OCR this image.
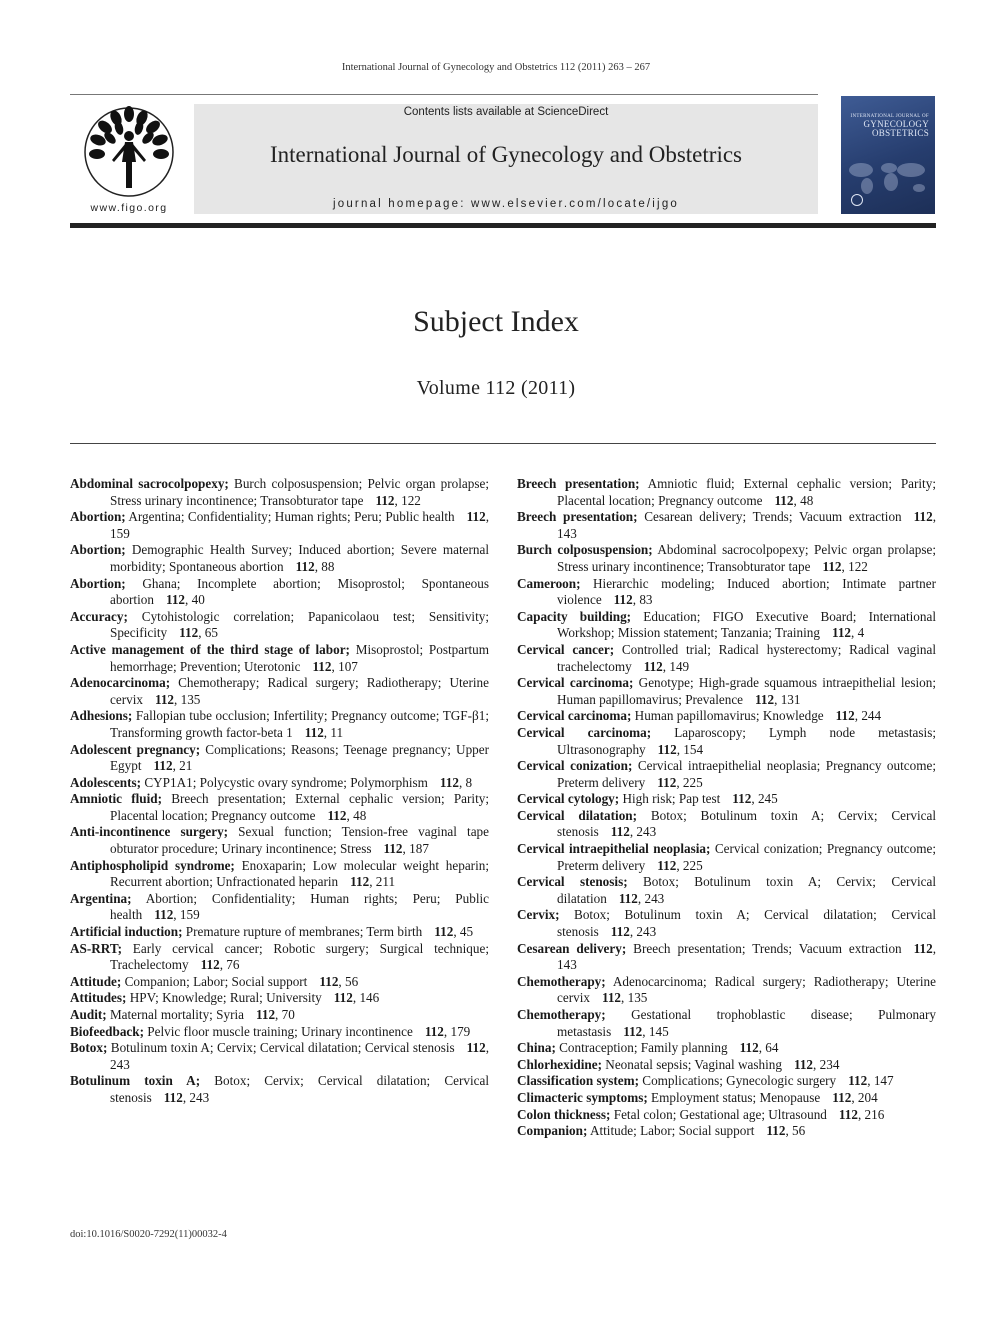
International Journal of Gynecology and Obstetrics 112 (2011) 263 – 267
www.figo.org
Contents lists available at ScienceDirect
International Journal of Gynecology and Obstetrics
journal homepage: www.elsevier.com/locate/ijgo
INTERNATIONAL JOURNAL OF
GYNECOLOGY
OBSTETRICS
Subject Index
Volume 112 (2011)

Abdominal sacrocolpopexy; Burch colposuspension; Pelvic organ prolapse; Stress urinary incontinence; Transobturator tape 112, 122

Abortion; Argentina; Confidentiality; Human rights; Peru; Public health 112, 159

Abortion; Demographic Health Survey; Induced abortion; Severe maternal morbidity; Spontaneous abortion 112, 88

Abortion; Ghana; Incomplete abortion; Misoprostol; Spontaneous abortion 112, 40

Accuracy; Cytohistologic correlation; Papanicolaou test; Sensitivity; Specificity 112, 65

Active management of the third stage of labor; Misoprostol; Postpartum hemorrhage; Prevention; Uterotonic 112, 107

Adenocarcinoma; Chemotherapy; Radical surgery; Radiotherapy; Uterine cervix 112, 135

Adhesions; Fallopian tube occlusion; Infertility; Pregnancy outcome; TGF-β1; Transforming growth factor-beta 1 112, 11

Adolescent pregnancy; Complications; Reasons; Teenage pregnancy; Upper Egypt 112, 21

Adolescents; CYP1A1; Polycystic ovary syndrome; Polymorphism 112, 8

Amniotic fluid; Breech presentation; External cephalic version; Parity; Placental location; Pregnancy outcome 112, 48

Anti-incontinence surgery; Sexual function; Tension-free vaginal tape obturator procedure; Urinary incontinence; Stress 112, 187

Antiphospholipid syndrome; Enoxaparin; Low molecular weight heparin; Recurrent abortion; Unfractionated heparin 112, 211

Argentina; Abortion; Confidentiality; Human rights; Peru; Public health 112, 159

Artificial induction; Premature rupture of membranes; Term birth 112, 45

AS-RRT; Early cervical cancer; Robotic surgery; Surgical technique; Trachelectomy 112, 76

Attitude; Companion; Labor; Social support 112, 56

Attitudes; HPV; Knowledge; Rural; University 112, 146

Audit; Maternal mortality; Syria 112, 70

Biofeedback; Pelvic floor muscle training; Urinary incontinence 112, 179

Botox; Botulinum toxin A; Cervix; Cervical dilatation; Cervical stenosis 112, 243

Botulinum toxin A; Botox; Cervix; Cervical dilatation; Cervical stenosis 112, 243

Breech presentation; Amniotic fluid; External cephalic version; Parity; Placental location; Pregnancy outcome 112, 48

Breech presentation; Cesarean delivery; Trends; Vacuum extraction 112, 143

Burch colposuspension; Abdominal sacrocolpopexy; Pelvic organ prolapse; Stress urinary incontinence; Transobturator tape 112, 122

Cameroon; Hierarchic modeling; Induced abortion; Intimate partner violence 112, 83

Capacity building; Education; FIGO Executive Board; International Workshop; Mission statement; Tanzania; Training 112, 4

Cervical cancer; Controlled trial; Radical hysterectomy; Radical vaginal trachelectomy 112, 149

Cervical carcinoma; Genotype; High-grade squamous intraepithelial lesion; Human papillomavirus; Prevalence 112, 131

Cervical carcinoma; Human papillomavirus; Knowledge 112, 244

Cervical carcinoma; Laparoscopy; Lymph node metastasis; Ultrasonography 112, 154

Cervical conization; Cervical intraepithelial neoplasia; Pregnancy outcome; Preterm delivery 112, 225

Cervical cytology; High risk; Pap test 112, 245

Cervical dilatation; Botox; Botulinum toxin A; Cervix; Cervical stenosis 112, 243

Cervical intraepithelial neoplasia; Cervical conization; Pregnancy outcome; Preterm delivery 112, 225

Cervical stenosis; Botox; Botulinum toxin A; Cervix; Cervical dilatation 112, 243

Cervix; Botox; Botulinum toxin A; Cervical dilatation; Cervical stenosis 112, 243

Cesarean delivery; Breech presentation; Trends; Vacuum extraction 112, 143

Chemotherapy; Adenocarcinoma; Radical surgery; Radiotherapy; Uterine cervix 112, 135

Chemotherapy; Gestational trophoblastic disease; Pulmonary metastasis 112, 145

China; Contraception; Family planning 112, 64

Chlorhexidine; Neonatal sepsis; Vaginal washing 112, 234

Classification system; Complications; Gynecologic surgery 112, 147

Climacteric symptoms; Employment status; Menopause 112, 204

Colon thickness; Fetal colon; Gestational age; Ultrasound 112, 216

Companion; Attitude; Labor; Social support 112, 56

doi:10.1016/S0020-7292(11)00032-4
